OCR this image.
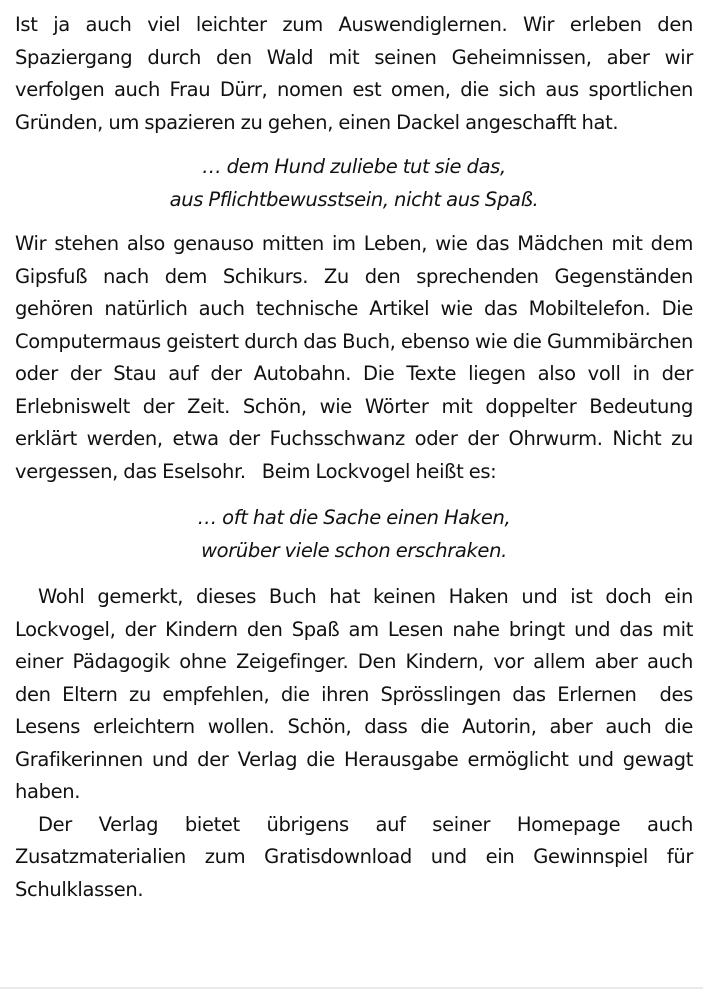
Ist ja auch viel leichter zum Auswendiglernen. Wir erleben den Spaziergang durch den Wald mit seinen Geheimnissen, aber wir verfolgen auch Frau Dürr, nomen est omen, die sich aus sportlichen Gründen, um spazieren zu gehen, einen Dackel angeschafft hat.

… dem Hund zuliebe tut sie das,
aus Pflichtbewusstsein, nicht aus Spaß.

Wir stehen also genauso mitten im Leben, wie das Mädchen mit dem Gipsfuß nach dem Schikurs. Zu den sprechenden Gegenständen gehören natürlich auch technische Artikel wie das Mobiltelefon. Die Computermaus geistert durch das Buch, ebenso wie die Gummibärchen oder der Stau auf der Autobahn. Die Texte liegen also voll in der Erlebniswelt der Zeit. Schön, wie Wörter mit doppelter Bedeutung erklärt werden, etwa der Fuchsschwanz oder der Ohrwurm. Nicht zu vergessen, das Eselsohr.   Beim Lockvogel heißt es:

… oft hat die Sache einen Haken,
worüber viele schon erschraken.

Wohl gemerkt, dieses Buch hat keinen Haken und ist doch ein Lockvogel, der Kindern den Spaß am Lesen nahe bringt und das mit einer Pädagogik ohne Zeigefinger. Den Kindern, vor allem aber auch den Eltern zu empfehlen, die ihren Sprösslingen das Erlernen  des Lesens erleichtern wollen. Schön, dass die Autorin, aber auch die Grafikerinnen und der Verlag die Herausgabe ermöglicht und gewagt haben.

Der Verlag bietet übrigens auf seiner Homepage auch Zusatzmaterialien zum Gratisdownload und ein Gewinnspiel für Schulklassen.
